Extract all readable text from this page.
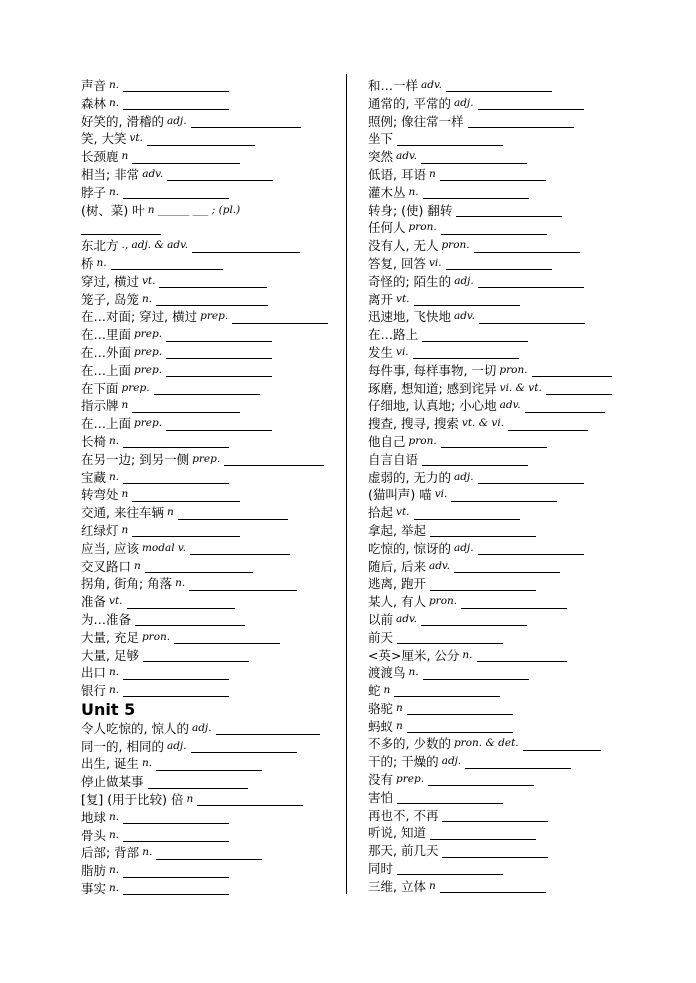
声音 n.
森林 n.
好笑的, 滑稽的 adj.
笑, 大笑 vt.
长颈鹿 n
相当; 非常 adv.
脖子 n.
(树、菜) 叶 n ______ ___ ; (pl.)
东北方 ., adj. & adv.
桥 n.
穿过, 横过 vt.
笼子, 岛笼 n.
在…对面; 穿过, 横过 prep.
在…里面 prep.
在…外面 prep.
在…上面 prep.
在下面 prep.
指示牌 n
在…上面 prep.
长椅 n.
在另一边; 到另一侧 prep.
宝藏 n.
转弯处 n
交通, 来往车辆 n
红绿灯 n
应当, 应该 modal v.
交叉路口 n
拐角, 街角; 角落 n.
准备 vt.
为…准备
大量, 充足 pron.
大量, 足够
出口 n.
银行 n.
Unit 5
令人吃惊的, 惊人的 adj.
同一的, 相同的 adj.
出生, 诞生 n.
停止做某事
[复] (用于比较) 倍 n
地球 n.
骨头 n.
后部; 背部 n.
脂肪 n.
事实 n.
和…一样 adv.
通常的, 平常的 adj.
照例; 像往常一样
坐下
突然 adv.
低语, 耳语 n
灌木丛 n.
转身; (使) 翻转
任何人 pron.
没有人, 无人 pron.
答复, 回答 vi.
奇怪的; 陌生的 adj.
离开 vt.
迅速地, 飞快地 adv.
在…路上
发生 vi.
每件事, 每样事物, 一切 pron.
琢磨, 想知道; 感到诧异 vi. & vt.
仔细地, 认真地; 小心地 adv.
搜查, 搜寻, 搜索 vt. & vi.
他自己 pron.
自言自语
虚弱的, 无力的 adj.
(猫叫声) 喵 vi.
拾起 vt.
拿起, 举起
吃惊的, 惊讶的 adj.
随后, 后来 adv.
逃离, 跑开
某人, 有人 pron.
以前 adv.
前天
<英>厘米, 公分 n.
渡渡鸟 n.
蛇 n
骆驼 n
蚂蚁 n
不多的, 少数的 pron. & det.
干的; 干燥的 adj.
没有 prep.
害怕
再也不, 不再
听说, 知道
那天, 前几天
同时
三维, 立体 n
